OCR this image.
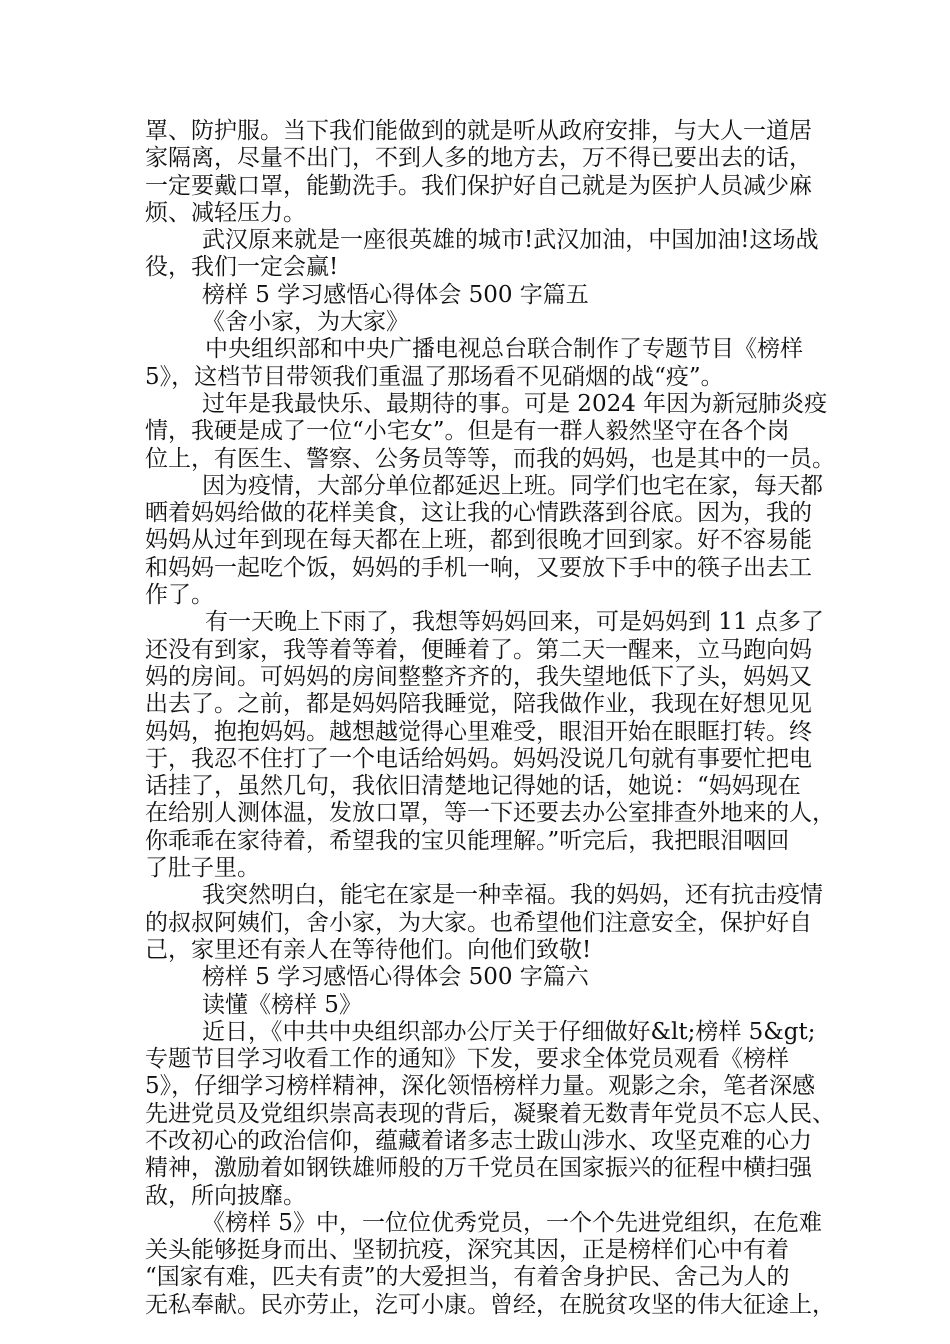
罩、防护服。当下我们能做到的就是听从政府安排，与大人一道居
家隔离，尽量不出门，不到人多的地方去，万不得已要出去的话，
一定要戴口罩，能勤洗手。我们保护好自己就是为医护人员减少麻
烦、减轻压力。
武汉原来就是一座很英雄的城市!武汉加油，中国加油!这场战
役，我们一定会赢!
榜样 5 学习感悟心得体会 500 字篇五
《舍小家，为大家》
中央组织部和中央广播电视总台联合制作了专题节目《榜样
5》，这档节目带领我们重温了那场看不见硝烟的战“疫”。
过年是我最快乐、最期待的事。可是 2024 年因为新冠肺炎疫
情，我硬是成了一位“小宅女”。但是有一群人毅然坚守在各个岗
位上，有医生、警察、公务员等等，而我的妈妈，也是其中的一员。
因为疫情，大部分单位都延迟上班。同学们也宅在家，每天都
晒着妈妈给做的花样美食，这让我的心情跌落到谷底。因为，我的
妈妈从过年到现在每天都在上班，都到很晚才回到家。好不容易能
和妈妈一起吃个饭，妈妈的手机一响，又要放下手中的筷子出去工
作了。
有一天晚上下雨了，我想等妈妈回来，可是妈妈到 11 点多了
还没有到家，我等着等着，便睡着了。第二天一醒来，立马跑向妈
妈的房间。可妈妈的房间整整齐齐的，我失望地低下了头，妈妈又
出去了。之前，都是妈妈陪我睡觉，陪我做作业，我现在好想见见
妈妈，抱抱妈妈。越想越觉得心里难受，眼泪开始在眼眶打转。终
于，我忍不住打了一个电话给妈妈。妈妈没说几句就有事要忙把电
话挂了，虽然几句，我依旧清楚地记得她的话，她说：“妈妈现在
在给别人测体温，发放口罩，等一下还要去办公室排查外地来的人，
你乖乖在家待着，希望我的宝贝能理解。”听完后，我把眼泪咽回
了肚子里。
我突然明白，能宅在家是一种幸福。我的妈妈，还有抗击疫情
的叔叔阿姨们，舍小家，为大家。也希望他们注意安全，保护好自
己，家里还有亲人在等待他们。向他们致敬!
榜样 5 学习感悟心得体会 500 字篇六
读懂《榜样 5》
近日，《中共中央组织部办公厅关于仔细做好&lt;榜样 5&gt;
专题节目学习收看工作的通知》下发，要求全体党员观看《榜样
5》，仔细学习榜样精神，深化领悟榜样力量。观影之余，笔者深感
先进党员及党组织崇高表现的背后，凝聚着无数青年党员不忘人民、
不改初心的政治信仰，蕴藏着诸多志士跋山涉水、攻坚克难的心力
精神，激励着如钢铁雄师般的万千党员在国家振兴的征程中横扫强
敌，所向披靡。
《榜样 5》中，一位位优秀党员，一个个先进党组织，在危难
关头能够挺身而出、坚韧抗疫，深究其因，正是榜样们心中有着
“国家有难，匹夫有责”的大爱担当，有着舍身护民、舍己为人的
无私奉献。民亦劳止，汔可小康。曾经，在脱贫攻坚的伟大征途上，
